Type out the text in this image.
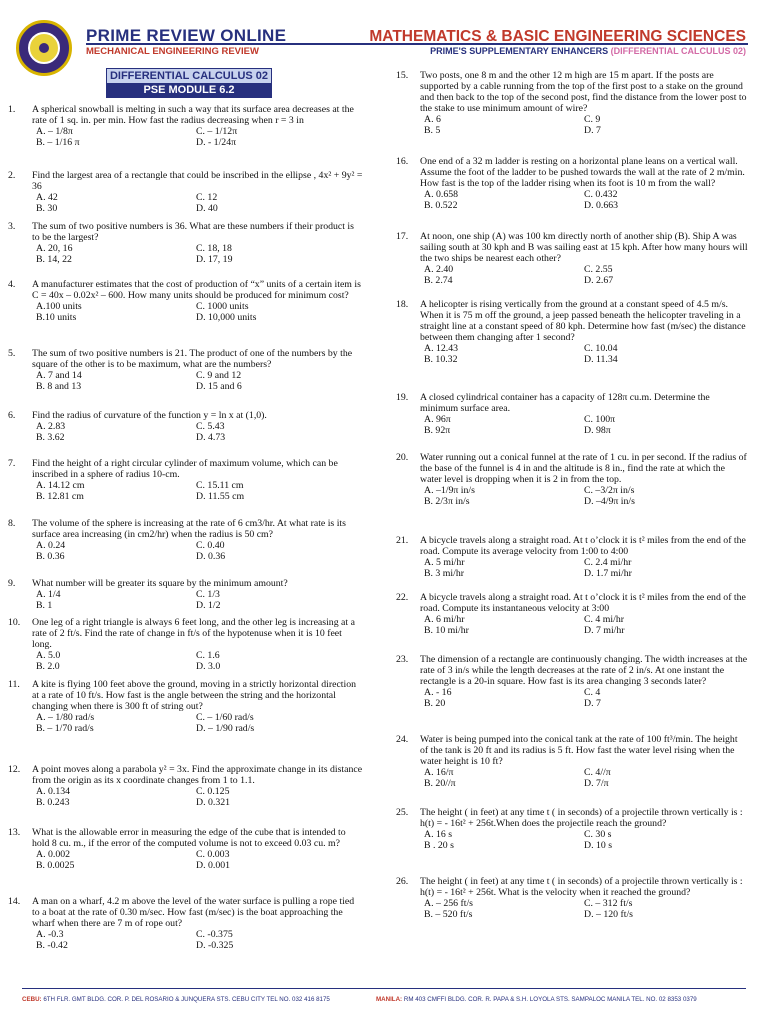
PRIME REVIEW ONLINE
MECHANICAL ENGINEERING REVIEW
MATHEMATICS & BASIC ENGINEERING SCIENCES
PRIME'S SUPPLEMENTARY ENHANCERS (DIFFERENTIAL CALCULUS 02)
DIFFERENTIAL CALCULUS 02
PSE MODULE 6.2
1. A spherical snowball is melting in such a way that its surface area decreases at the rate of 1 sq. in. per min. How fast the radius decreasing when r = 3 in
A. – 1/8π	C. – 1/12π
B. – 1/16 π	D. - 1/24π
2. Find the largest area of a rectangle that could be inscribed in the ellipse , 4x² + 9y² = 36
A. 42	C. 12
B. 30	D. 40
3. The sum of two positive numbers is 36. What are these numbers if their product is to be the largest?
A. 20, 16	C. 18, 18
B. 14, 22	D. 17, 19
4. A manufacturer estimates that the cost of production of “x” units of a certain item is C = 40x – 0.02x² – 600. How many units should be produced for minimum cost?
A.100 units	C. 1000 units
B.10 units	D. 10,000 units
5. The sum of two positive numbers is 21. The product of one of the numbers by the square of the other is to be maximum, what are the numbers?
A. 7 and 14	C. 9 and 12
B. 8 and 13	D. 15 and 6
6. Find the radius of curvature of the function y = ln x at (1,0).
A. 2.83	C. 5.43
B. 3.62	D. 4.73
7. Find the height of a right circular cylinder of maximum volume, which can be inscribed in a sphere of radius 10-cm.
A. 14.12 cm	C. 15.11 cm
B. 12.81 cm	D. 11.55 cm
8. The volume of the sphere is increasing at the rate of 6 cm3/hr. At what rate is its surface area increasing (in cm2/hr) when the radius is 50 cm?
A. 0.24	C. 0.40
B. 0.36	D. 0.36
9. What number will be greater its square by the minimum amount?
A. 1/4	C. 1/3
B. 1	D. 1/2
10. One leg of a right triangle is always 6 feet long, and the other leg is increasing at a rate of 2 ft/s. Find the rate of change in ft/s of the hypotenuse when it is 10 feet long.
A. 5.0	C. 1.6
B. 2.0	D. 3.0
11. A kite is flying 100 feet above the ground, moving in a strictly horizontal direction at a rate of 10 ft/s. How fast is the angle between the string and the horizontal changing when there is 300 ft of string out?
A. – 1/80 rad/s	C. – 1/60 rad/s
B. – 1/70 rad/s	D. – 1/90 rad/s
12. A point moves along a parabola y² = 3x. Find the approximate change in its distance from the origin as its x coordinate changes from 1 to 1.1.
A. 0.134	C. 0.125
B. 0.243	D. 0.321
13. What is the allowable error in measuring the edge of the cube that is intended to hold 8 cu. m., if the error of the computed volume is not to exceed 0.03 cu. m?
A. 0.002	C. 0.003
B. 0.0025	D. 0.001
14. A man on a wharf, 4.2 m above the level of the water surface is pulling a rope tied to a boat at the rate of 0.30 m/sec. How fast (m/sec) is the boat approaching the wharf when there are 7 m of rope out?
A. -0.3	C. -0.375
B. -0.42	D. -0.325
15. Two posts, one 8 m and the other 12 m high are 15 m apart. If the posts are supported by a cable running from the top of the first post to a stake on the ground and then back to the top of the second post, find the distance from the lower post to the stake to use minimum amount of wire?
A. 6	C. 9
B. 5	D. 7
16. One end of a 32 m ladder is resting on a horizontal plane leans on a vertical wall. Assume the foot of the ladder to be pushed towards the wall at the rate of 2 m/min. How fast is the top of the ladder rising when its foot is 10 m from the wall?
A. 0.658	C. 0.432
B. 0.522	D. 0.663
17. At noon, one ship (A) was 100 km directly north of another ship (B). Ship A was sailing south at 30 kph and B was sailing east at 15 kph. After how many hours will the two ships be nearest each other?
A. 2.40	C. 2.55
B. 2.74	D. 2.67
18. A helicopter is rising vertically from the ground at a constant speed of 4.5 m/s. When it is 75 m off the ground, a jeep passed beneath the helicopter traveling in a straight line at a constant speed of 80 kph. Determine how fast (m/sec) the distance between them changing after 1 second?
A. 12.43	C. 10.04
B. 10.32	D. 11.34
19. A closed cylindrical container has a capacity of 128π cu.m. Determine the minimum surface area.
A. 96π	C. 100π
B. 92π	D. 98π
20. Water running out a conical funnel at the rate of 1 cu. in per second. If the radius of the base of the funnel is 4 in and the altitude is 8 in., find the rate at which the water level is dropping when it is 2 in from the top.
A. –1/9π in/s	C. –3/2π in/s
B. 2/3π in/s	D. –4/9π in/s
21. A bicycle travels along a straight road. At t o’clock it is t² miles from the end of the road. Compute its average velocity from 1:00 to 4:00
A. 5 mi/hr	C. 2.4 mi/hr
B. 3 mi/hr	D. 1.7 mi/hr
22. A bicycle travels along a straight road. At t o’clock it is t² miles from the end of the road. Compute its instantaneous velocity at 3:00
A. 6 mi/hr	C. 4 mi/hr
B. 10 mi/hr	D. 7 mi/hr
23. The dimension of a rectangle are continuously changing. The width increases at the rate of 3 in/s while the length decreases at the rate of 2 in/s. At one instant the rectangle is a 20-in square. How fast is its area changing 3 seconds later?
A. - 16	C. 4
B. 20	D. 7
24. Water is being pumped into the conical tank at the rate of 100 ft³/min. The height of the tank is 20 ft and its radius is 5 ft. How fast the water level rising when the water height is 10 ft?
A. 16/π	C. 4//π
B. 20//π	D. 7/π
25. The height ( in feet) at any time t ( in seconds) of a projectile thrown vertically is : h(t) = - 16t² + 256t.When does the projectile reach the ground?
A. 16 s	C. 30 s
B . 20 s	D. 10 s
26. The height ( in feet) at any time t ( in seconds) of a projectile thrown vertically is : h(t) = - 16t² + 256t. What is the velocity when it reached the ground?
A. – 256 ft/s	C. – 312 ft/s
B. – 520 ft/s	D. – 120 ft/s
CEBU: 6TH FLR. GMT BLDG. COR. P. DEL ROSARIO & JUNQUERA STS. CEBU CITY TEL NO. 032 416 8175	MANILA: RM 403 CMFFI BLDG. COR. R. PAPA & S.H. LOYOLA STS. SAMPALOC MANILA TEL. NO. 02 8353 0379
